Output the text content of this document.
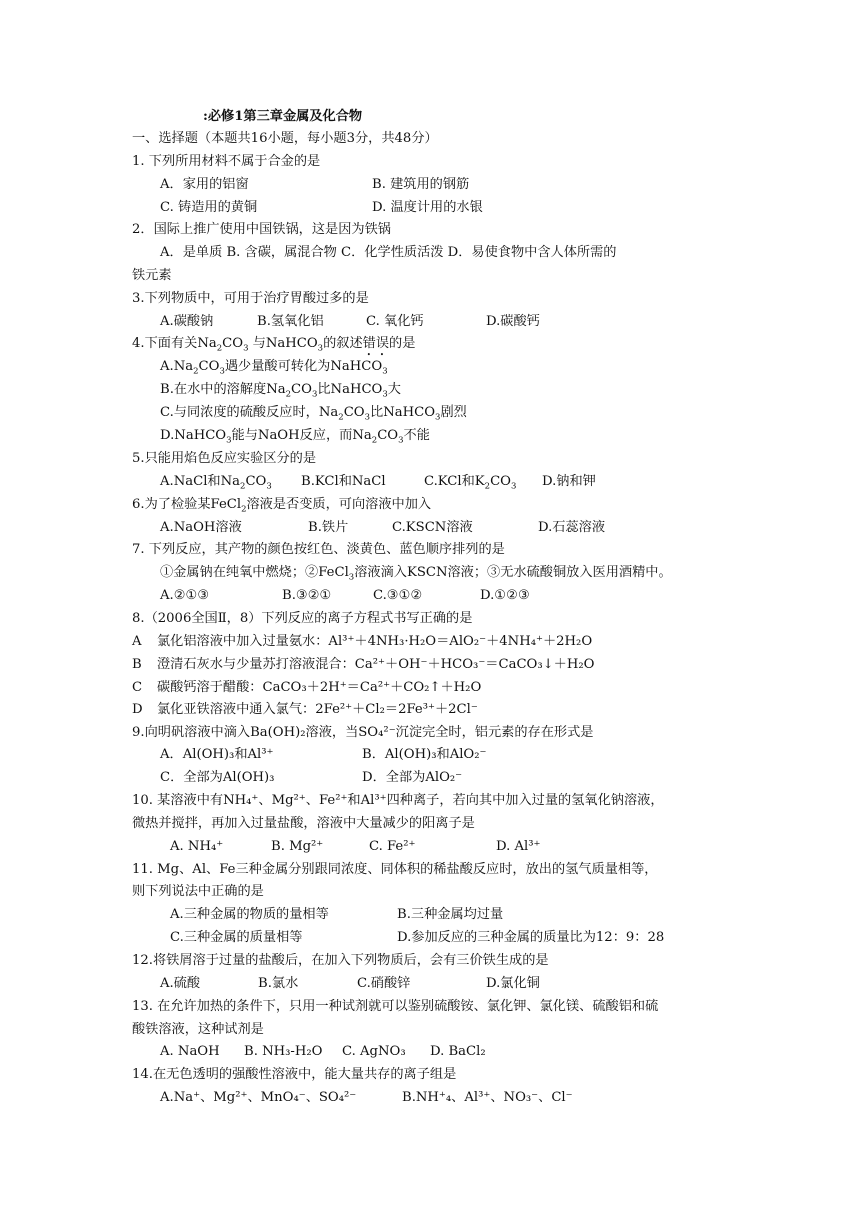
:必修1第三章金属及化合物
一、选择题（本题共16小题，每小题3分，共48分）
1. 下列所用材料不属于合金的是
A．家用的铝窗	B. 建筑用的钢筋
C. 铸造用的黄铜	D. 温度计用的水银
2．国际上推广使用中国铁锅，这是因为铁锅
A．是单质 B. 含碳，属混合物 C．化学性质活泼 D．易使食物中含人体所需的
铁元素
3.下列物质中，可用于治疗胃酸过多的是
A.碳酸钠	B.氢氧化铝	C. 氧化钙	D.碳酸钙
4.下面有关$Na_2CO_3$ 与NaHCO$_3$的叙述错误的是
$A.Na_2CO_3$遇少量酸可转化为NaHCO$_3$
B.在水中的溶解度$Na_2CO_3$比NaHCO$_3$大
C.与同浓度的硫酸反应时，$Na_2CO_3$比NaHCO$_3$剧烈
D.NaHCO$_3$能与NaOH反应，而$Na_2CO_3$不能
5.只能用焰色反应实验区分的是
A.NaCl和$Na_2CO_3$ B.KCl和NaCl	C.KCl和$K_2CO_3$ D.钠和钾
6.为了检验某FeCl$_2$溶液是否变质，可向溶液中加入
A.NaOH溶液	B.铁片	C.KSCN溶液	D.石蕊溶液
7. 下列反应，其产物的颜色按红色、淡黄色、蓝色顺序排列的是
①金属钠在纯氧中燃烧；②FeCl$_3$溶液滴入KSCN溶液；③无水硫酸铜放入医用酒精中。
A.②①③	B.③②①	C.③①②	D.①②③
8.（2006全国Ⅱ，8）下列反应的离子方程式书写正确的是
A 氯化铝溶液中加入过量氨水：Al³⁺＋4NH₃·H₂O＝AlO₂⁻＋4NH₄⁺＋2H₂O
B 澄清石灰水与少量苏打溶液混合：Ca²⁺＋OH⁻＋HCO₃⁻＝CaCO₃↓＋H₂O
C 碳酸钙溶于醋酸：CaCO₃＋2H⁺＝Ca²⁺＋CO₂↑＋H₂O
D 氯化亚铁溶液中通入氯气：2Fe²⁺＋Cl₂＝2Fe³⁺＋2Cl⁻
9.向明矾溶液中滴入Ba(OH)₂溶液，当SO₄²⁻沉淀完全时，铝元素的存在形式是
A．Al(OH)₃和Al³⁺	B．Al(OH)₃和AlO₂⁻
C．全部为Al(OH)₃	D．全部为AlO₂⁻
10. 某溶液中有NH₄⁺、Mg²⁺、Fe²⁺和Al³⁺四种离子，若向其中加入过量的氢氧化钠溶液，
微热并搅拌，再加入过量盐酸，溶液中大量减少的阳离子是
A. NH₄⁺	B. Mg²⁺	C. Fe²⁺	D. Al³⁺
11. Mg、Al、Fe三种金属分别跟同浓度、同体积的稀盐酸反应时，放出的氢气质量相等，
则下列说法中正确的是
A.三种金属的物质的量相等	B.三种金属均过量
C.三种金属的质量相等	D.参加反应的三种金属的质量比为12：9：28
12.将铁屑溶于过量的盐酸后，在加入下列物质后，会有三价铁生成的是
A.硫酸	B.氯水	C.硝酸锌	D.氯化铜
13. 在允许加热的条件下，只用一种试剂就可以鉴别硫酸铵、氯化钾、氯化镁、硫酸铝和硫
酸铁溶液，这种试剂是
A. NaOH B. NH₃-H₂O C. AgNO₃ D. BaCl₂
14.在无色透明的强酸性溶液中，能大量共存的离子组是
A.Na⁺、Mg²⁺、MnO₄⁻、SO₄²⁻	B.NH⁺₄、Al³⁺、NO₃⁻、Cl⁻
